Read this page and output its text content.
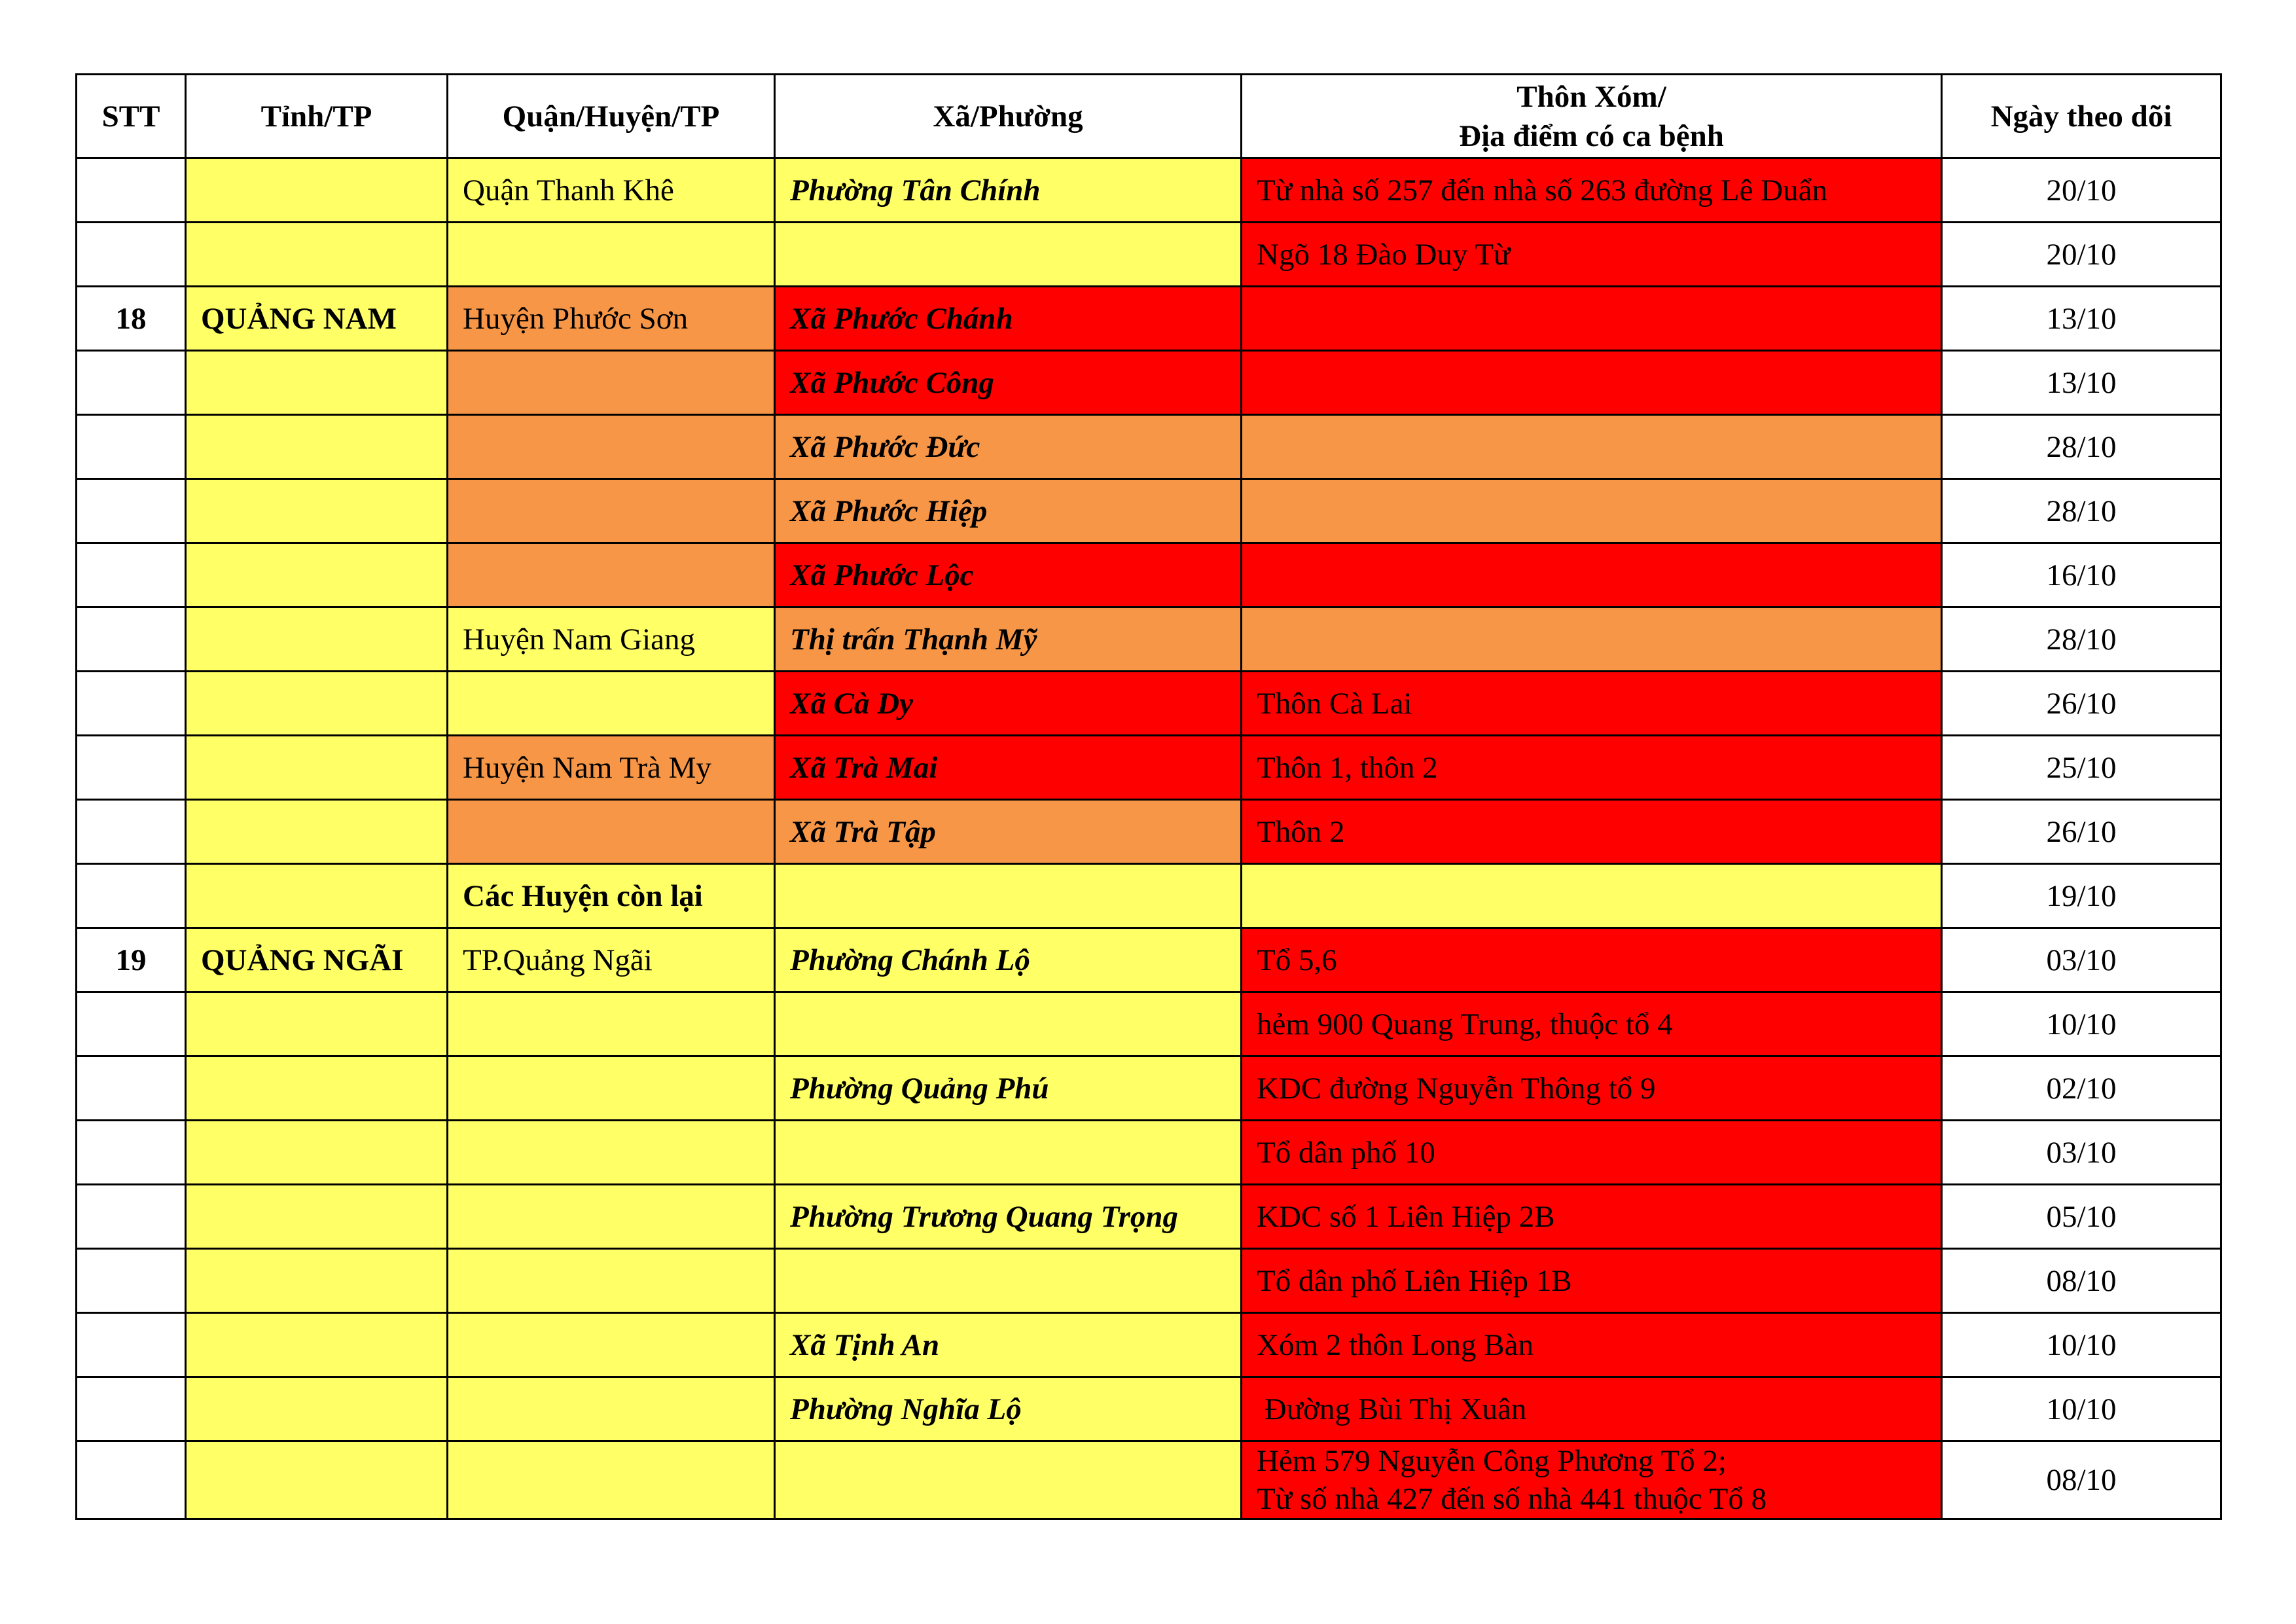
STT	Tỉnh/TP	Quận/Huyện/TP	Xã/Phường	Thôn Xóm/
Địa điểm có ca bệnh	Ngày theo dõi
		Quận Thanh Khê	Phường Tân Chính	Từ nhà số 257 đến nhà số 263 đường Lê Duẩn	20/10
				Ngõ 18 Đào Duy Từ	20/10
18	QUẢNG NAM	Huyện Phước Sơn	Xã Phước Chánh		13/10
			Xã Phước Công		13/10
			Xã Phước Đức		28/10
			Xã Phước Hiệp		28/10
			Xã Phước Lộc		16/10
		Huyện Nam Giang	Thị trấn Thạnh Mỹ		28/10
			Xã Cà Dy	Thôn Cà Lai	26/10
		Huyện Nam Trà My	Xã Trà Mai	Thôn 1, thôn 2	25/10
			Xã Trà Tập	Thôn 2	26/10
		Các Huyện còn lại			19/10
19	QUẢNG NGÃI	TP.Quảng Ngãi	Phường Chánh Lộ	Tổ 5,6	03/10
				hẻm 900 Quang Trung, thuộc tổ 4	10/10
			Phường Quảng Phú	KDC đường Nguyễn Thông tổ 9	02/10
				Tổ dân phố 10	03/10
			Phường Trương Quang Trọng	KDC số 1 Liên Hiệp 2B	05/10
				Tổ dân phố Liên Hiệp 1B	08/10
			Xã Tịnh An	Xóm 2 thôn Long Bàn	10/10
			Phường Nghĩa Lộ	Đường Bùi Thị Xuân	10/10

				Hẻm 579 Nguyễn Công Phương Tổ 2;
Từ số nhà 427 đến số nhà 441 thuộc Tổ 8	08/10
